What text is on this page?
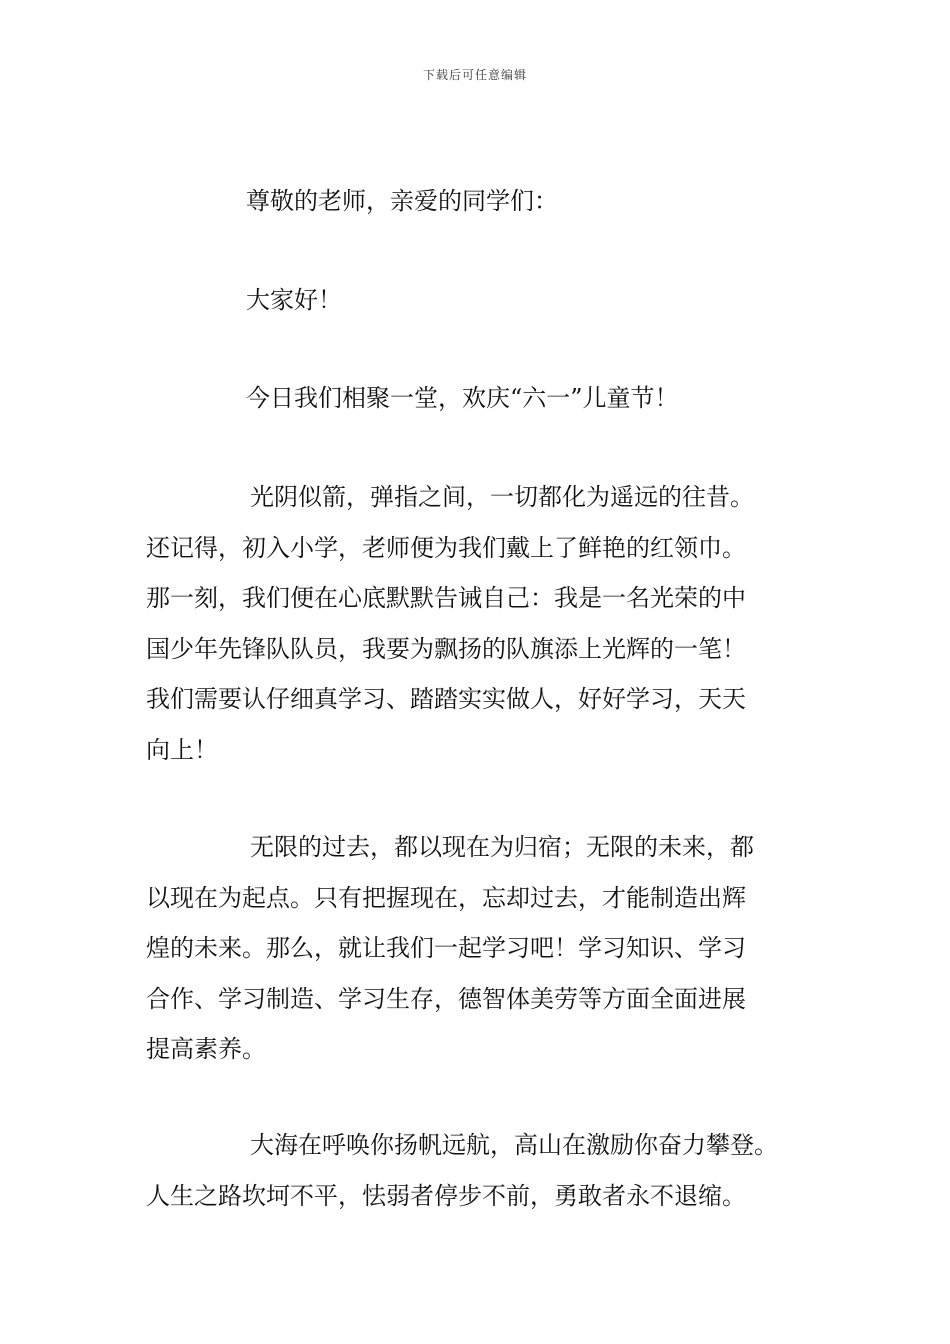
下载后可任意编辑
尊敬的老师，亲爱的同学们：
大家好！
今日我们相聚一堂，欢庆“六一”儿童节！
光阴似箭，弹指之间，一切都化为遥远的往昔。
还记得，初入小学，老师便为我们戴上了鲜艳的红领巾。
那一刻，我们便在心底默默告诫自己：我是一名光荣的中
国少年先锋队队员，我要为飘扬的队旗添上光辉的一笔！
我们需要认仔细真学习、踏踏实实做人，好好学习，天天
向上！
无限的过去，都以现在为归宿；无限的未来，都
以现在为起点。只有把握现在，忘却过去，才能制造出辉
煌的未来。那么，就让我们一起学习吧！学习知识、学习
合作、学习制造、学习生存，德智体美劳等方面全面进展
提高素养。
大海在呼唤你扬帆远航，高山在激励你奋力攀登。
人生之路坎坷不平，怯弱者停步不前，勇敢者永不退缩。
